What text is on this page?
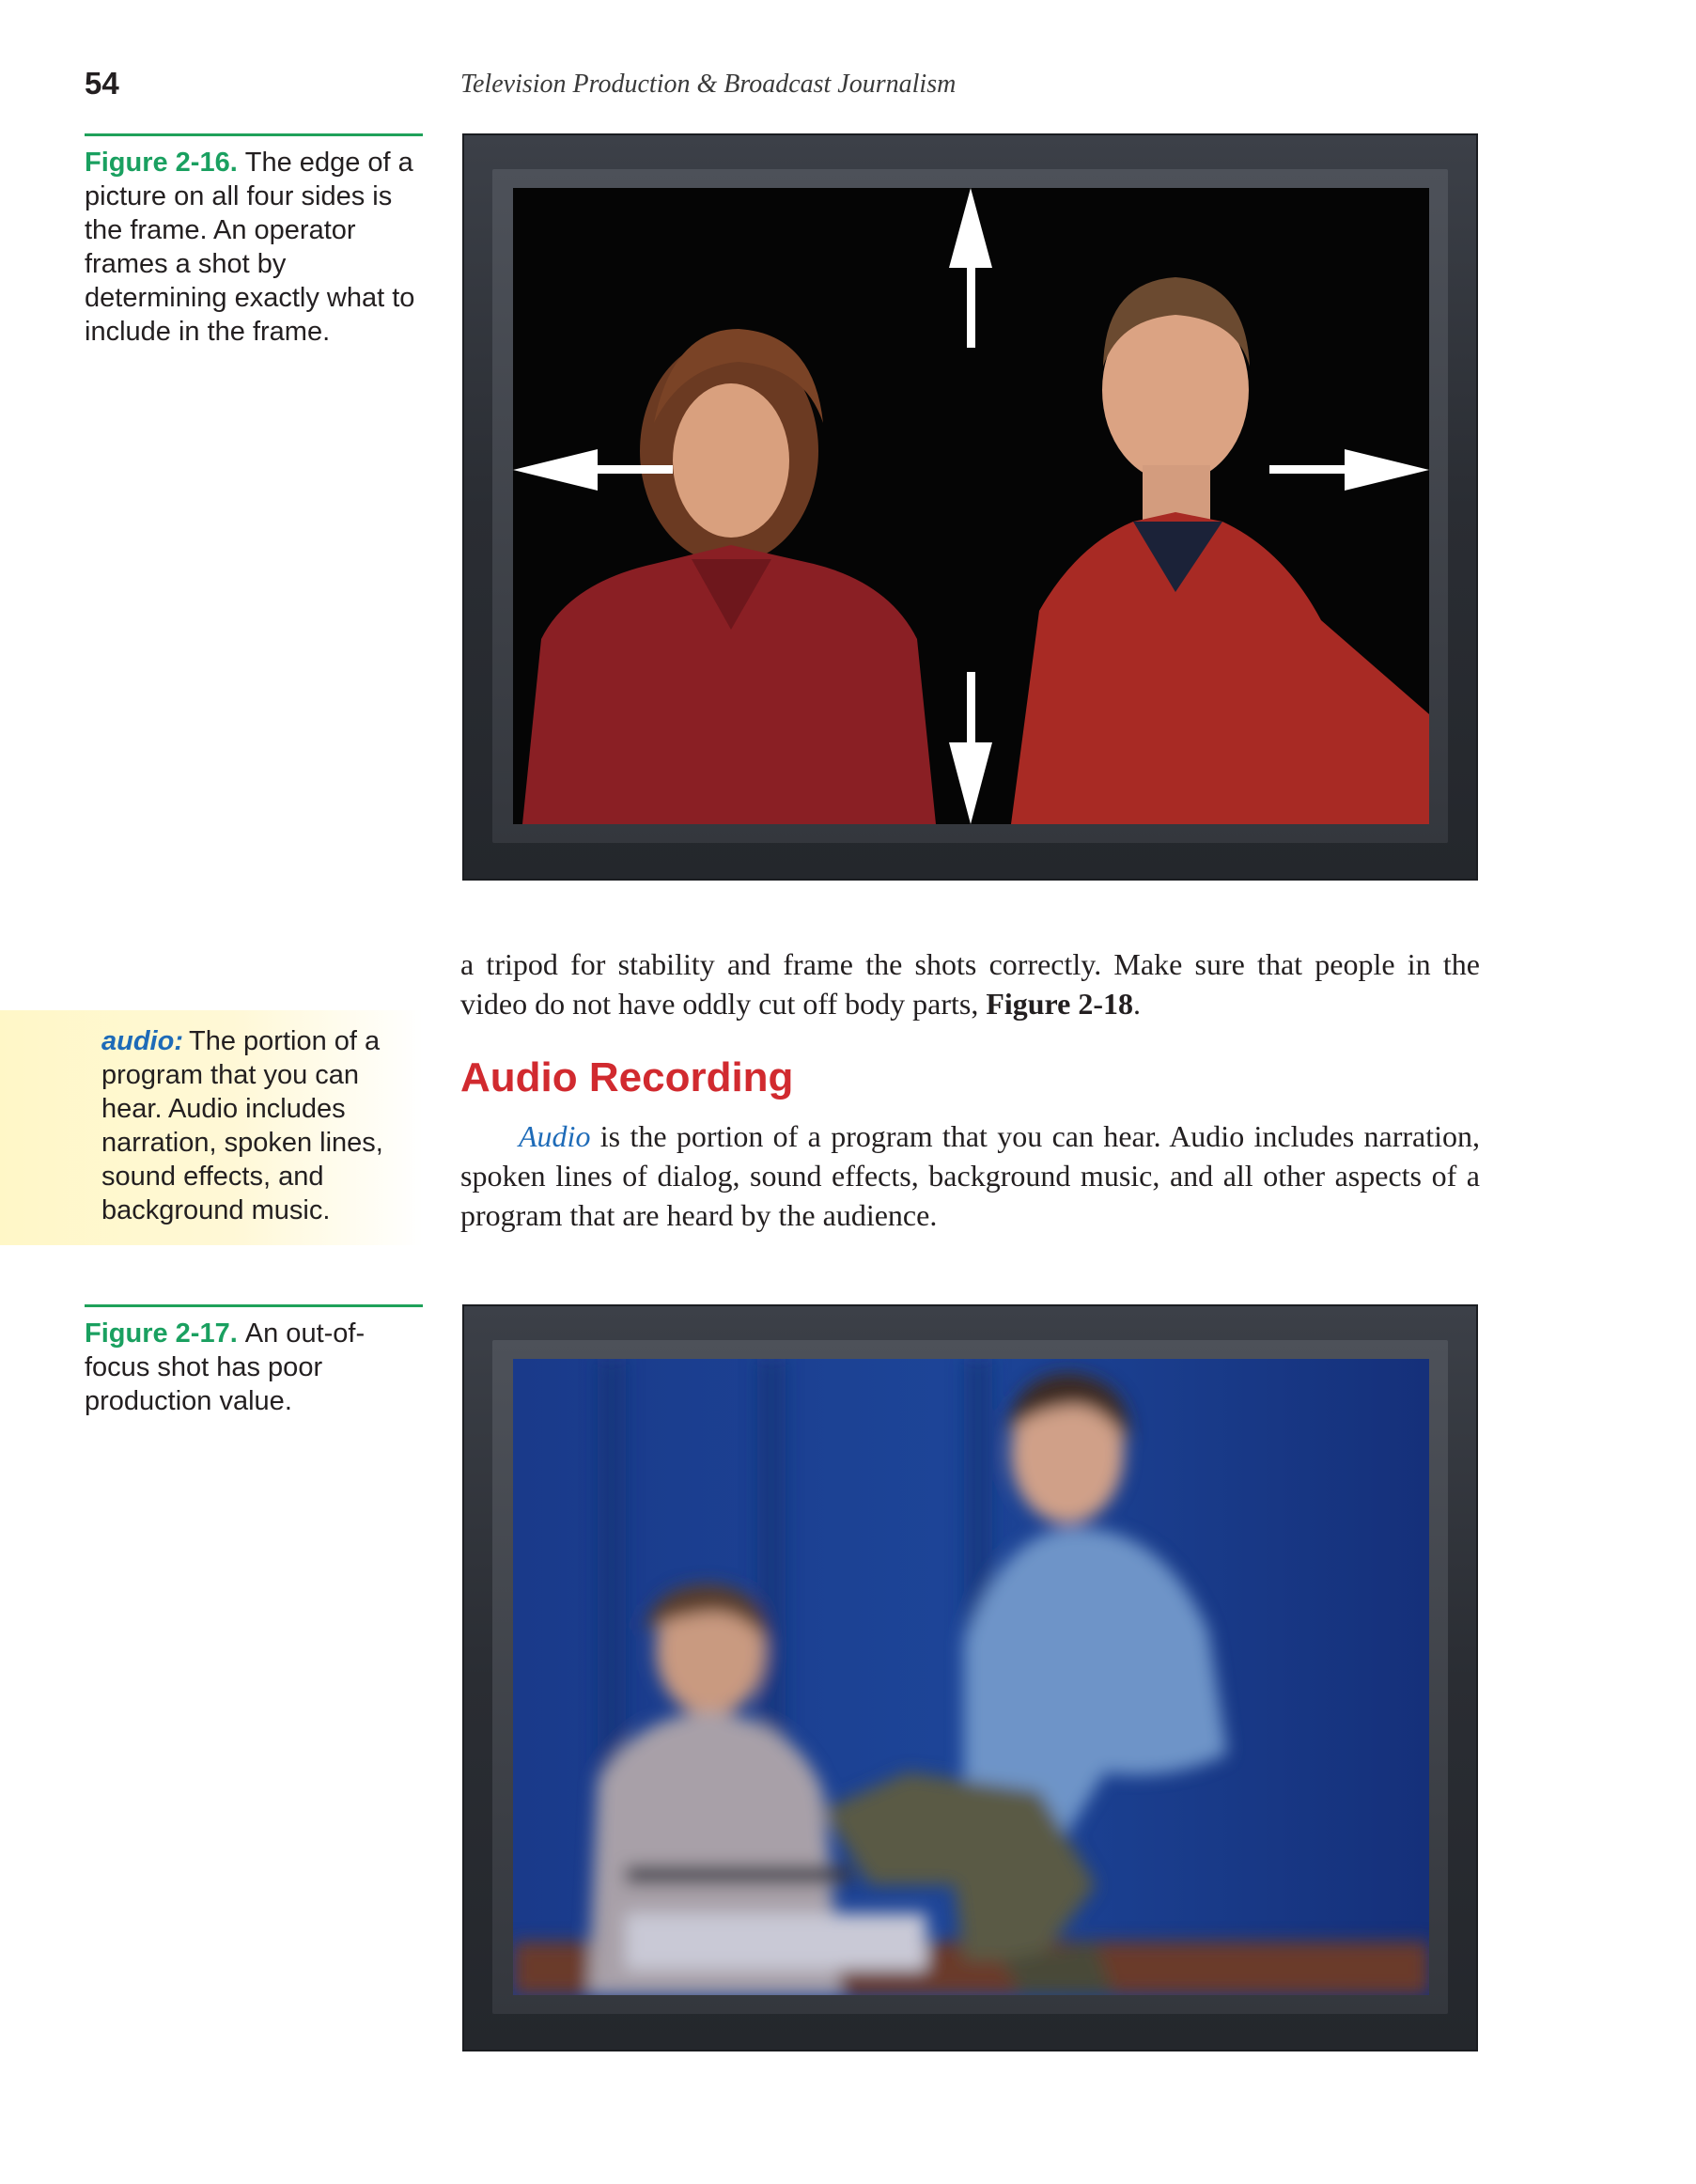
54	Television Production & Broadcast Journalism
Figure 2-16. The edge of a picture on all four sides is the frame. An operator frames a shot by determining exactly what to include in the frame.
a tripod for stability and frame the shots correctly. Make sure that people in the video do not have oddly cut off body parts, Figure 2-18.
audio: The portion of a program that you can hear. Audio includes narration, spoken lines, sound effects, and background music.
Audio Recording
Audio is the portion of a program that you can hear. Audio includes narration, spoken lines of dialog, sound effects, background music, and all other aspects of a program that are heard by the audience.
Figure 2-17. An out-of-focus shot has poor production value.
